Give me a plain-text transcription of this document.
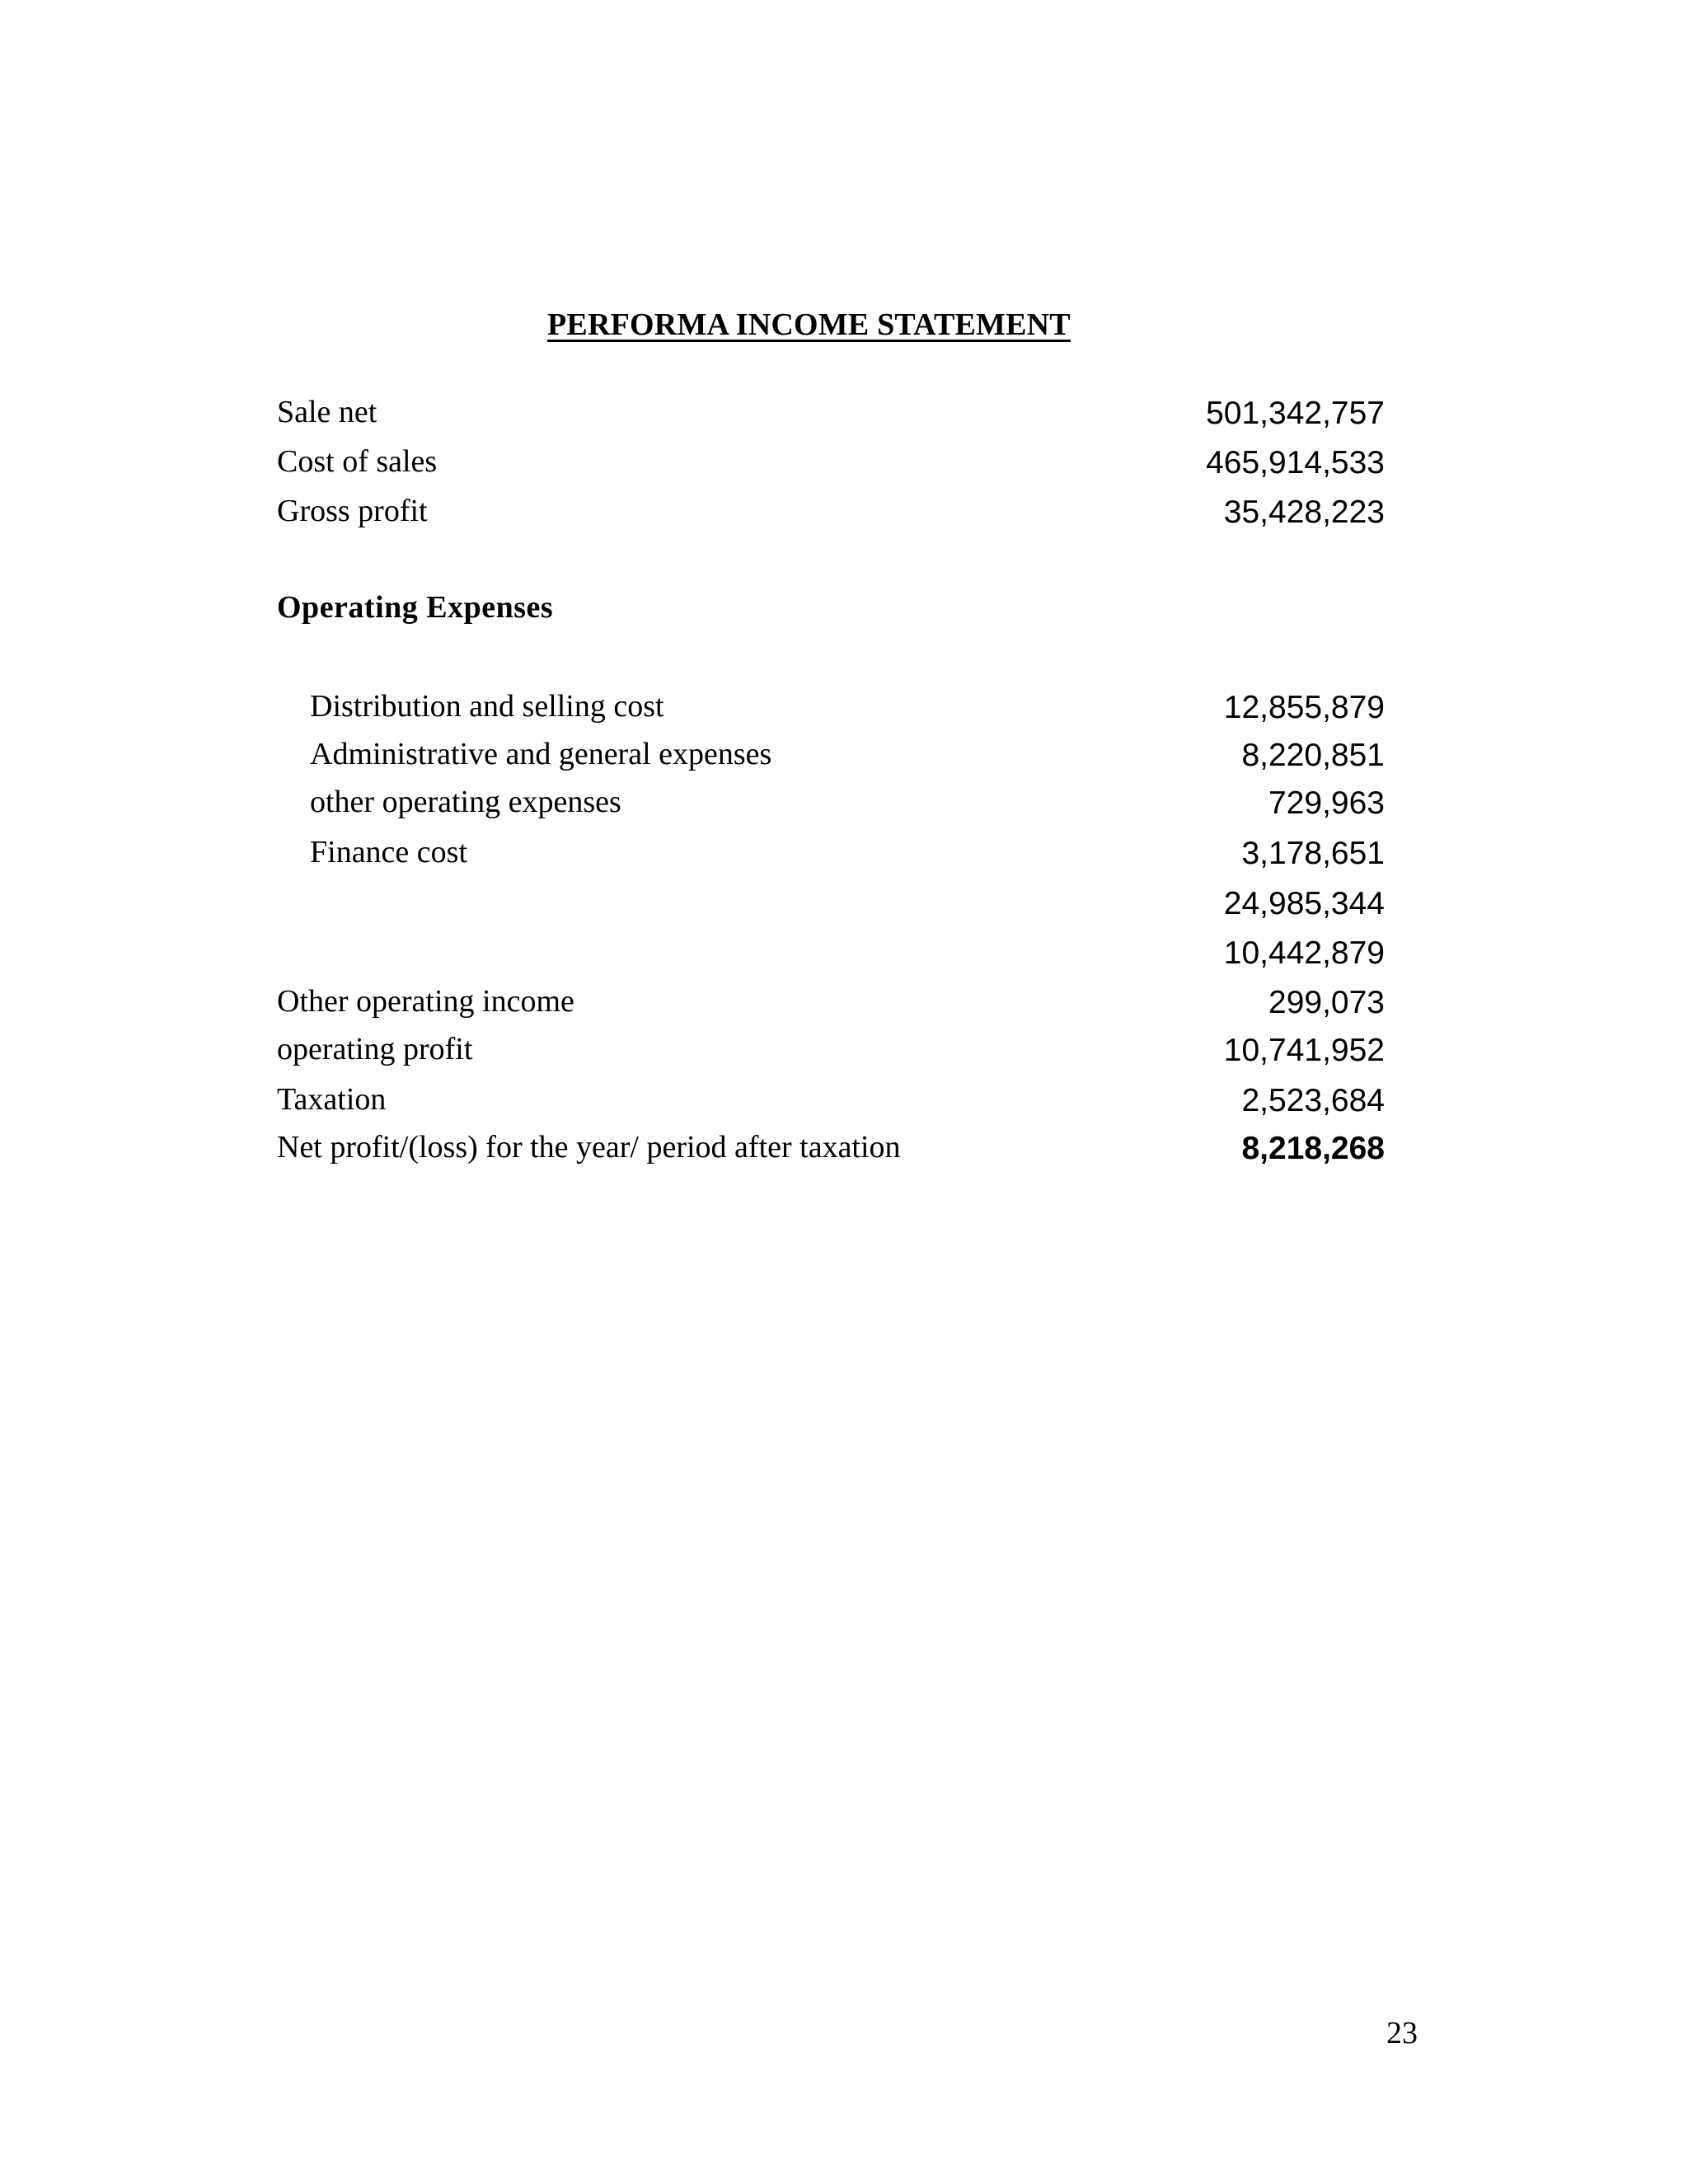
PERFORMA INCOME STATEMENT
Sale net	501,342,757
Cost of sales	465,914,533
Gross profit	35,428,223
Operating Expenses
Distribution and selling cost	12,855,879
Administrative and general expenses	8,220,851
other operating expenses	729,963
Finance cost	3,178,651
24,985,344
10,442,879
Other operating income	299,073
operating profit	10,741,952
Taxation	2,523,684
Net profit/(loss) for the year/ period after taxation	8,218,268
23
